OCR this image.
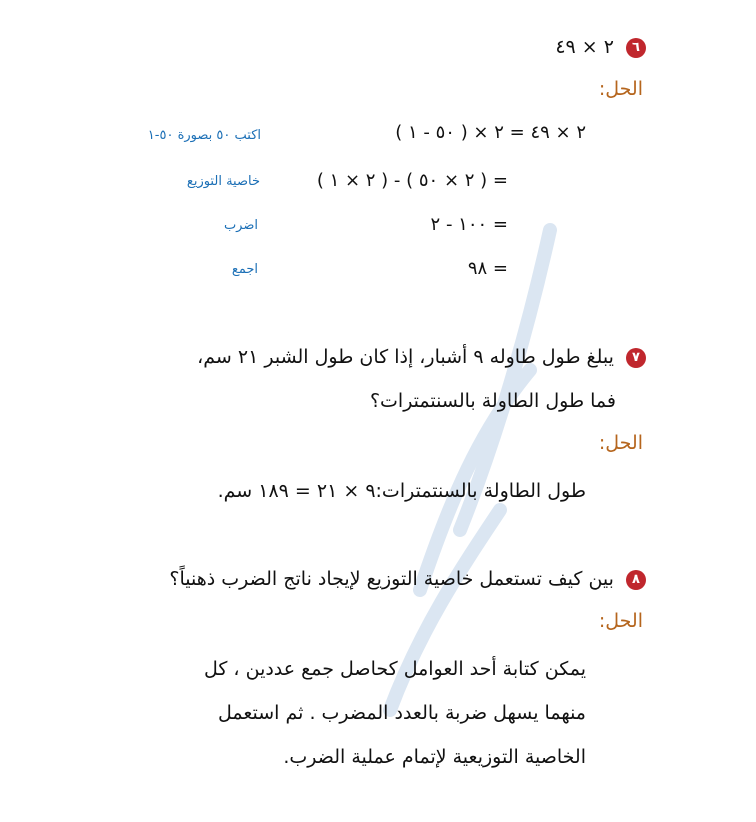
٦ ٢ × ٤٩
الحل:
٢ × ٤٩ = ٢ × ( ٥٠ - ١ )
اكتب ٥٠ بصورة ٥٠-١
= ( ٢ × ٥٠ ) - ( ٢ × ١ )
خاصية التوزيع
= ١٠٠ - ٢
اضرب
= ٩٨
اجمع
٧ يبلغ طول طاوله ٩ أشبار، إذا كان طول الشبر ٢١ سم،
فما طول الطاولة بالسنتمترات؟
الحل:
طول الطاولة بالسنتمترات:٩ × ٢١ = ١٨٩ سم.
٨ بين كيف تستعمل خاصية التوزيع لإيجاد ناتج الضرب ذهنياً؟
الحل:
يمكن كتابة أحد العوامل كحاصل جمع عددين ، كل
منهما يسهل ضربة بالعدد المضرب . ثم استعمل
الخاصية التوزيعية لإتمام عملية الضرب.
